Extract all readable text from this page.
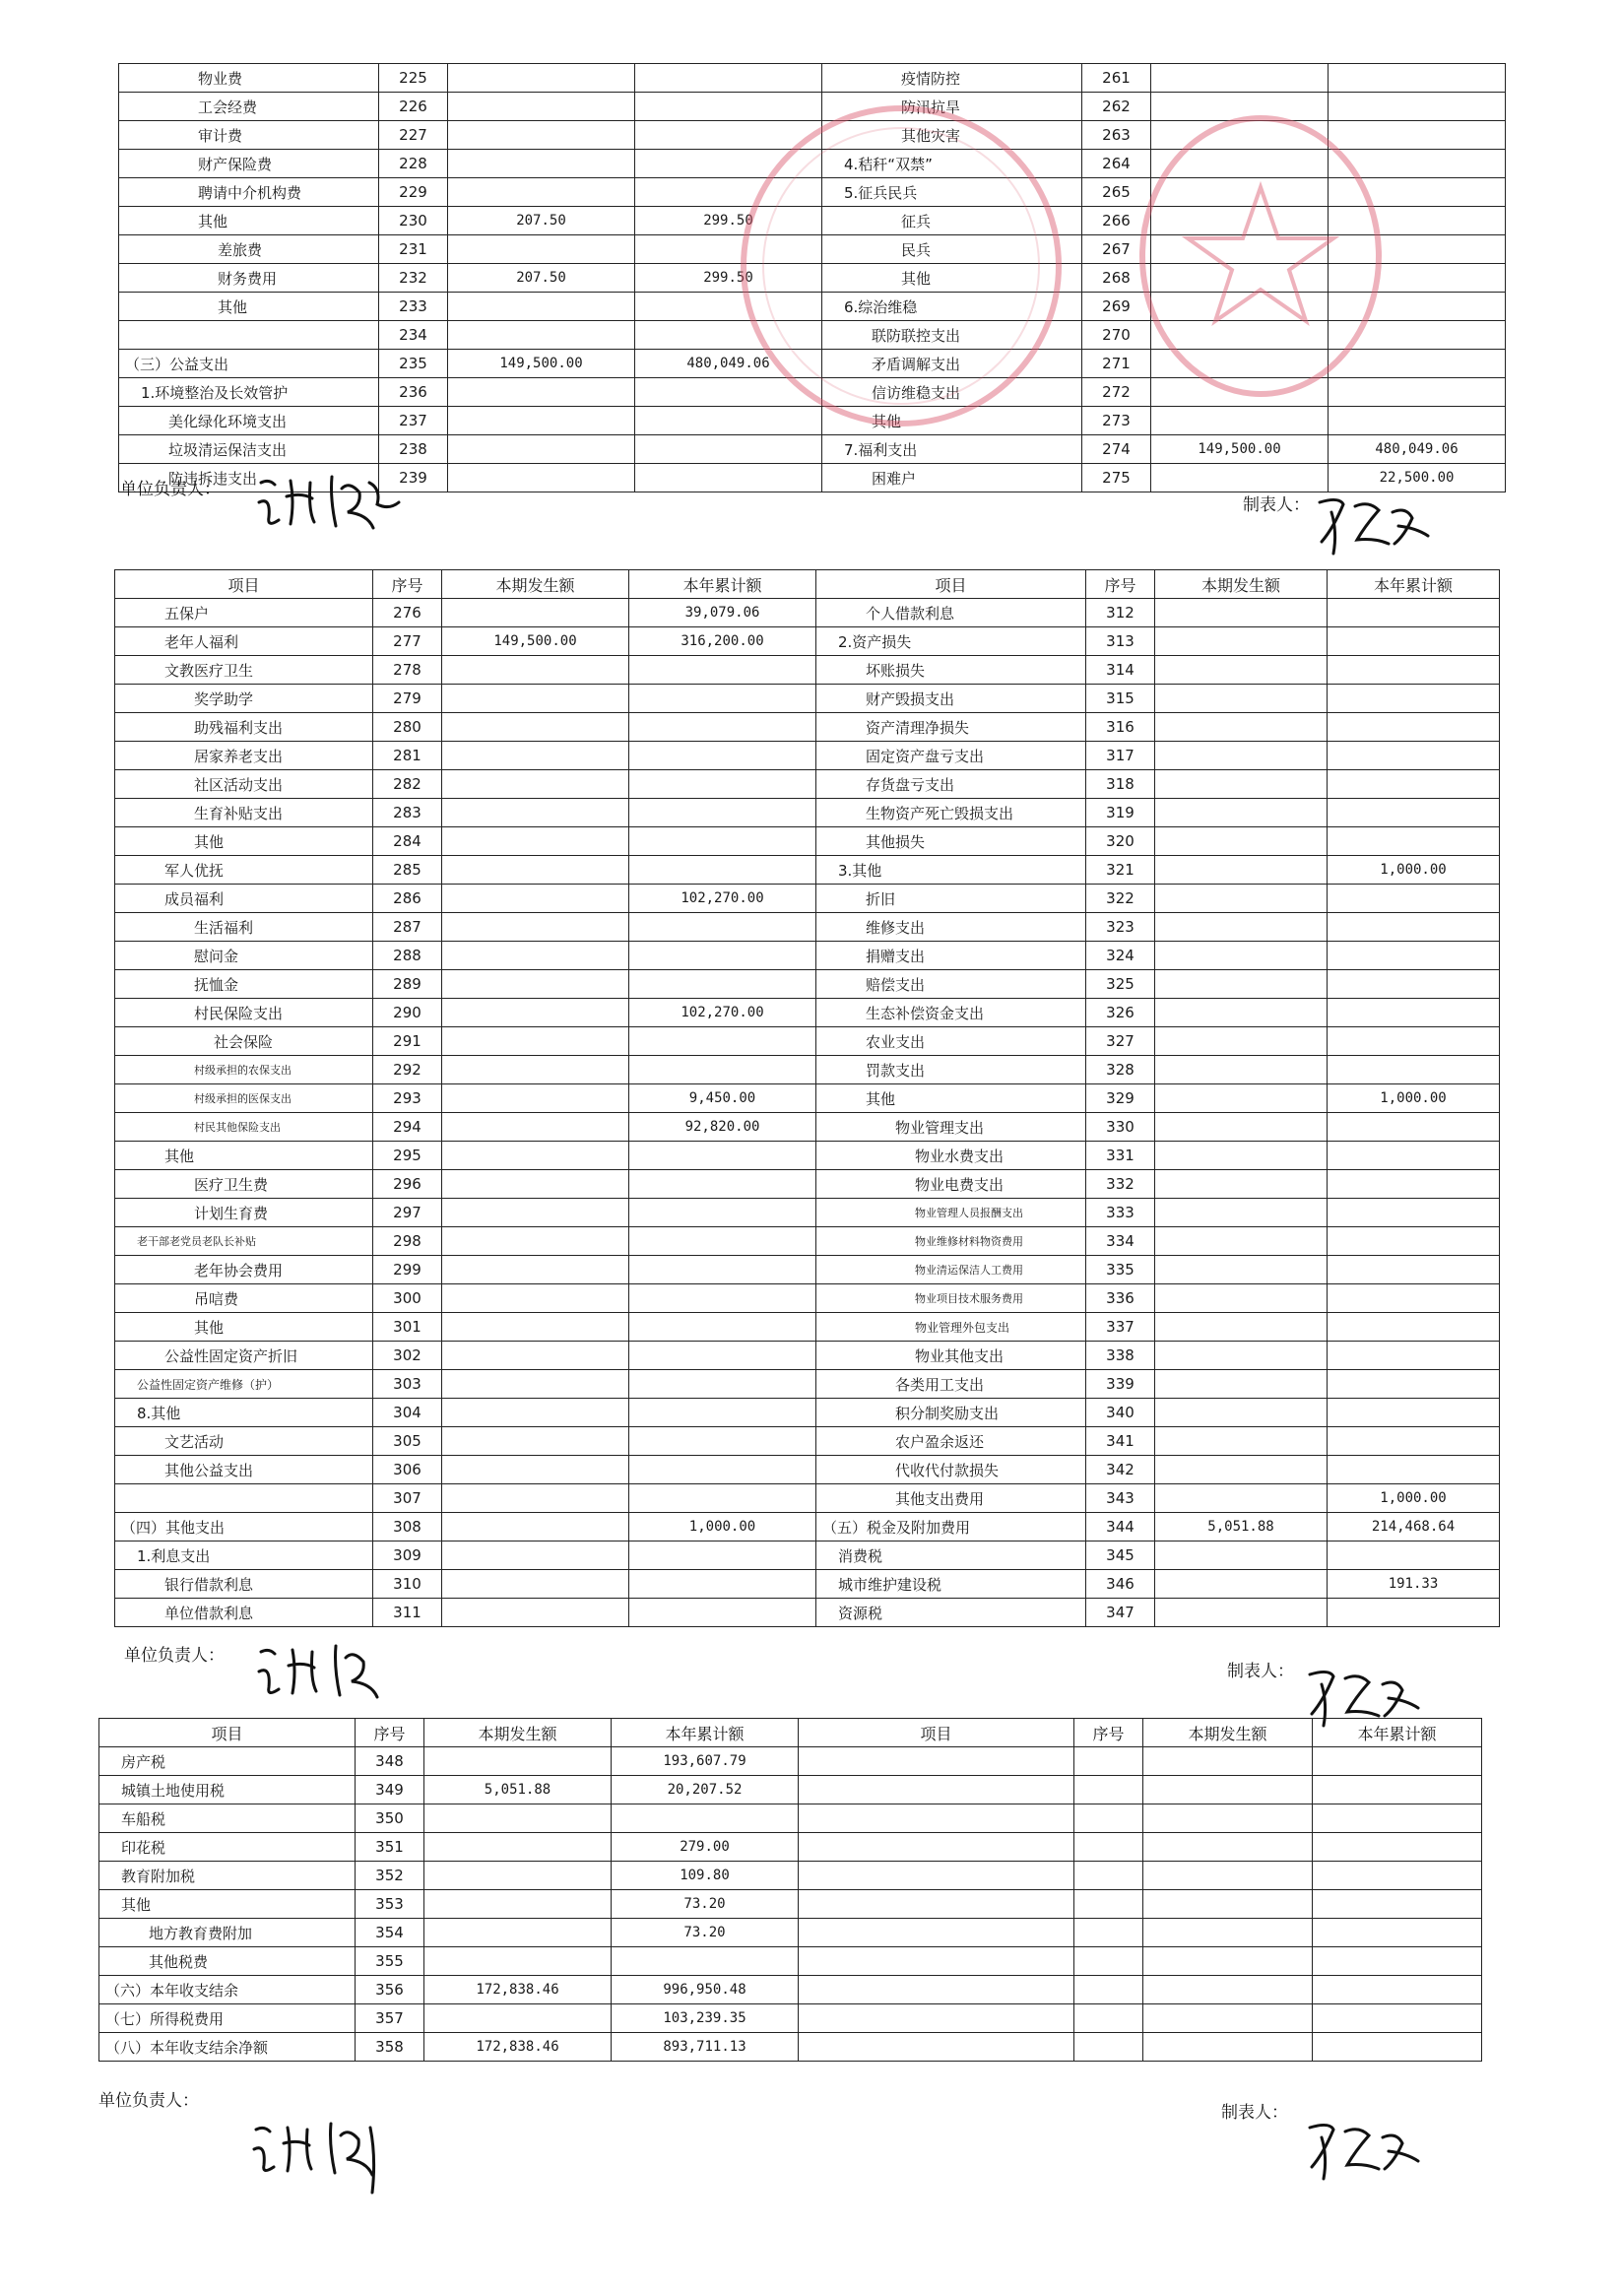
物业费	225			疫情防控	261		
工会经费	226			防汛抗旱	262		
审计费	227			其他灾害	263		
财产保险费	228			4.秸秆“双禁”	264		
聘请中介机构费	229			5.征兵民兵	265		
其他	230	207.50	299.50	征兵	266		
差旅费	231			民兵	267		
财务费用	232	207.50	299.50	其他	268		
其他	233			6.综治维稳	269		
	234			联防联控支出	270		
（三）公益支出	235	149,500.00	480,049.06	矛盾调解支出	271		
1.环境整治及长效管护	236			信访维稳支出	272		
美化绿化环境支出	237			其他	273		
垃圾清运保洁支出	238			7.福利支出	274	149,500.00	480,049.06
防违拆违支出	239			困难户	275		22,500.00
单位负责人：
制表人：
项目	序号	本期发生额	本年累计额	项目	序号	本期发生额	本年累计额
五保户	276		39,079.06	个人借款利息	312		
老年人福利	277	149,500.00	316,200.00	2.资产损失	313		
文教医疗卫生	278			坏账损失	314		
奖学助学	279			财产毁损支出	315		
助残福利支出	280			资产清理净损失	316		
居家养老支出	281			固定资产盘亏支出	317		
社区活动支出	282			存货盘亏支出	318		
生育补贴支出	283			生物资产死亡毁损支出	319		
其他	284			其他损失	320		
军人优抚	285			3.其他	321		1,000.00
成员福利	286		102,270.00	折旧	322		
生活福利	287			维修支出	323		
慰问金	288			捐赠支出	324		
抚恤金	289			赔偿支出	325		
村民保险支出	290		102,270.00	生态补偿资金支出	326		
社会保险	291			农业支出	327		
村级承担的农保支出	292			罚款支出	328		
村级承担的医保支出	293		9,450.00	其他	329		1,000.00
村民其他保险支出	294		92,820.00	物业管理支出	330		
其他	295			物业水费支出	331		
医疗卫生费	296			物业电费支出	332		
计划生育费	297			物业管理人员报酬支出	333		
老干部老党员老队长补贴	298			物业维修材料物资费用	334		
老年协会费用	299			物业清运保洁人工费用	335		
吊唁费	300			物业项目技术服务费用	336		
其他	301			物业管理外包支出	337		
公益性固定资产折旧	302			物业其他支出	338		
公益性固定资产维修（护）	303			各类用工支出	339		
8.其他	304			积分制奖励支出	340		
文艺活动	305			农户盈余返还	341		
其他公益支出	306			代收代付款损失	342		
	307			其他支出费用	343		1,000.00
（四）其他支出	308		1,000.00	（五）税金及附加费用	344	5,051.88	214,468.64
1.利息支出	309			消费税	345		
银行借款利息	310			城市维护建设税	346		191.33
单位借款利息	311			资源税	347		
单位负责人：
制表人：
项目	序号	本期发生额	本年累计额	项目	序号	本期发生额	本年累计额
房产税	348		193,607.79				
城镇土地使用税	349	5,051.88	20,207.52				
车船税	350						
印花税	351		279.00				
教育附加税	352		109.80				
其他	353		73.20				
地方教育费附加	354		73.20				
其他税费	355						
（六）本年收支结余	356	172,838.46	996,950.48				
（七）所得税费用	357		103,239.35				
（八）本年收支结余净额	358	172,838.46	893,711.13				
单位负责人：
制表人：
